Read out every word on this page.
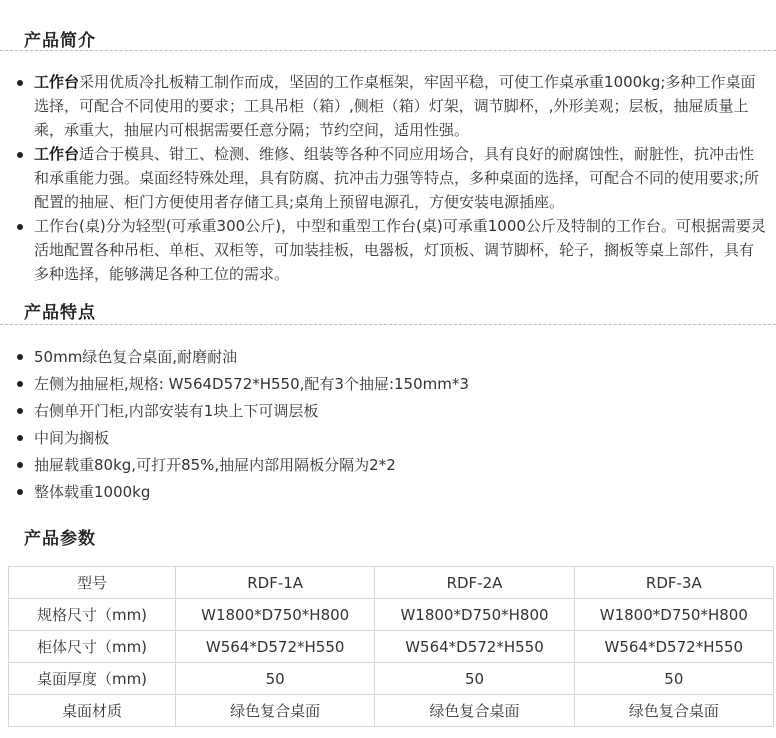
产品简介
工作台采用优质冷扎板精工制作而成，坚固的工作桌框架，牢固平稳，可使工作桌承重1000kg;多种工作桌面选择，可配合不同使用的要求；工具吊柜（箱）,侧柜（箱）灯架，调节脚杯，,外形美观；层板，抽屉质量上乘，承重大，抽屉内可根据需要任意分隔；节约空间，适用性强。
工作台适合于模具、钳工、检测、维修、组装等各种不同应用场合，具有良好的耐腐蚀性，耐脏性，抗冲击性和承重能力强。桌面经特殊处理，具有防腐、抗冲击力强等特点，多种桌面的选择，可配合不同的使用要求;所配置的抽屉、柜门方便使用者存储工具;桌角上预留电源孔，方便安装电源插座。
工作台(桌)分为轻型(可承重300公斤)，中型和重型工作台(桌)可承重1000公斤及特制的工作台。可根据需要灵活地配置各种吊柜、单柜、双柜等，可加装挂板，电器板，灯顶板、调节脚杯，轮子，搁板等桌上部件，具有多种选择，能够满足各种工位的需求。
产品特点
50mm绿色复合桌面,耐磨耐油
左侧为抽屉柜,规格: W564D572*H550,配有3个抽屉:150mm*3
右侧单开门柜,内部安装有1块上下可调层板
中间为搁板
抽屉载重80kg,可打开85%,抽屉内部用隔板分隔为2*2
整体载重1000kg
产品参数
型号	RDF-1A	RDF-2A	RDF-3A
规格尺寸（mm)	W1800*D750*H800	W1800*D750*H800	W1800*D750*H800
柜体尺寸（mm)	W564*D572*H550	W564*D572*H550	W564*D572*H550
桌面厚度（mm)	50	50	50
桌面材质	绿色复合桌面	绿色复合桌面	绿色复合桌面
